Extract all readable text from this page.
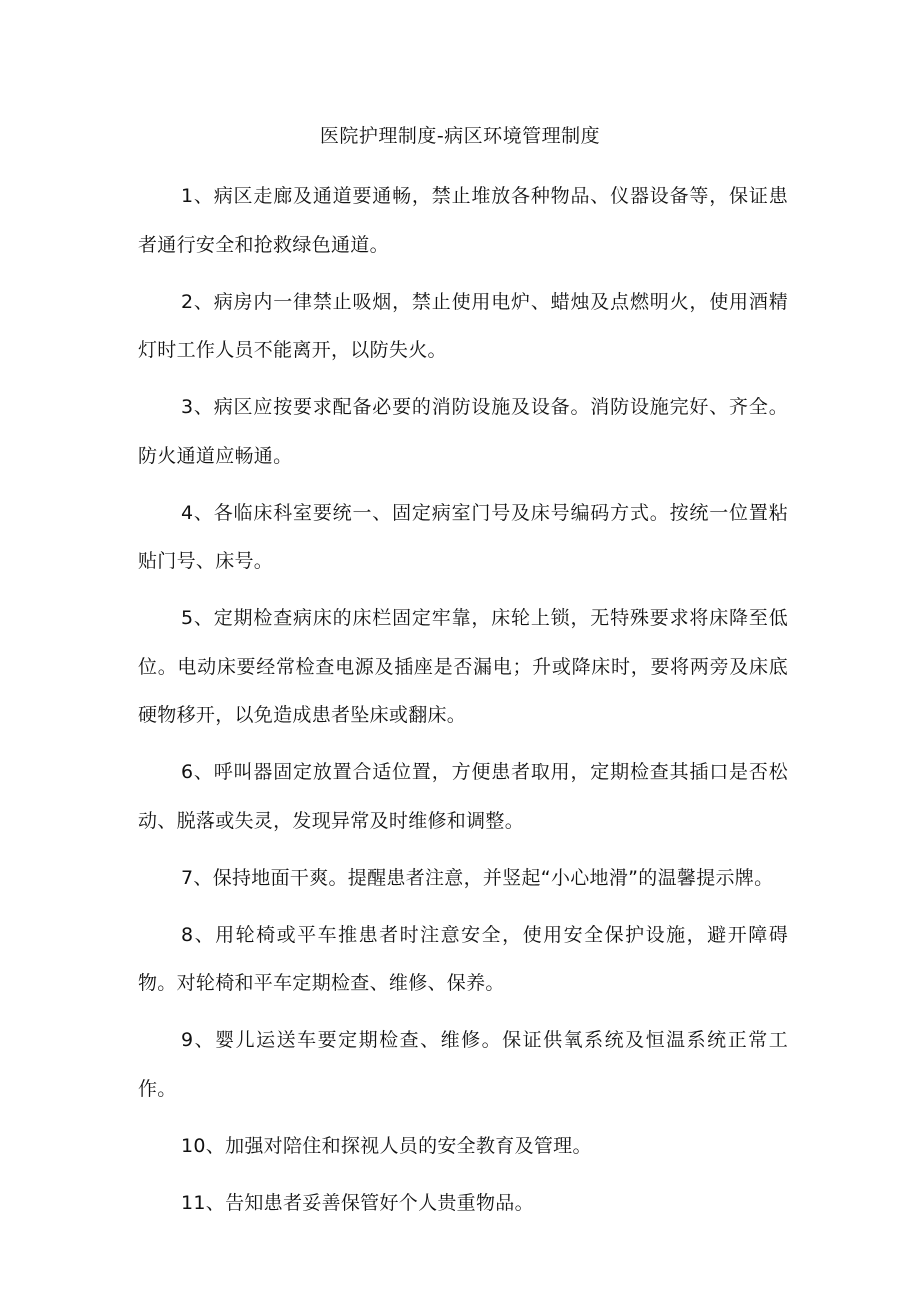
医院护理制度-病区环境管理制度

1、病区走廊及通道要通畅，禁止堆放各种物品、仪器设备等，保证患者通行安全和抢救绿色通道。

2、病房内一律禁止吸烟，禁止使用电炉、蜡烛及点燃明火，使用酒精灯时工作人员不能离开，以防失火。

3、病区应按要求配备必要的消防设施及设备。消防设施完好、齐全。防火通道应畅通。

4、各临床科室要统一、固定病室门号及床号编码方式。按统一位置粘贴门号、床号。

5、定期检查病床的床栏固定牢靠，床轮上锁，无特殊要求将床降至低位。电动床要经常检查电源及插座是否漏电；升或降床时，要将两旁及床底硬物移开，以免造成患者坠床或翻床。

6、呼叫器固定放置合适位置，方便患者取用，定期检查其插口是否松动、脱落或失灵，发现异常及时维修和调整。

7、保持地面干爽。提醒患者注意，并竖起“小心地滑”的温馨提示牌。

8、用轮椅或平车推患者时注意安全，使用安全保护设施，避开障碍物。对轮椅和平车定期检查、维修、保养。

9、婴儿运送车要定期检查、维修。保证供氧系统及恒温系统正常工作。

10、加强对陪住和探视人员的安全教育及管理。

11、告知患者妥善保管好个人贵重物品。
